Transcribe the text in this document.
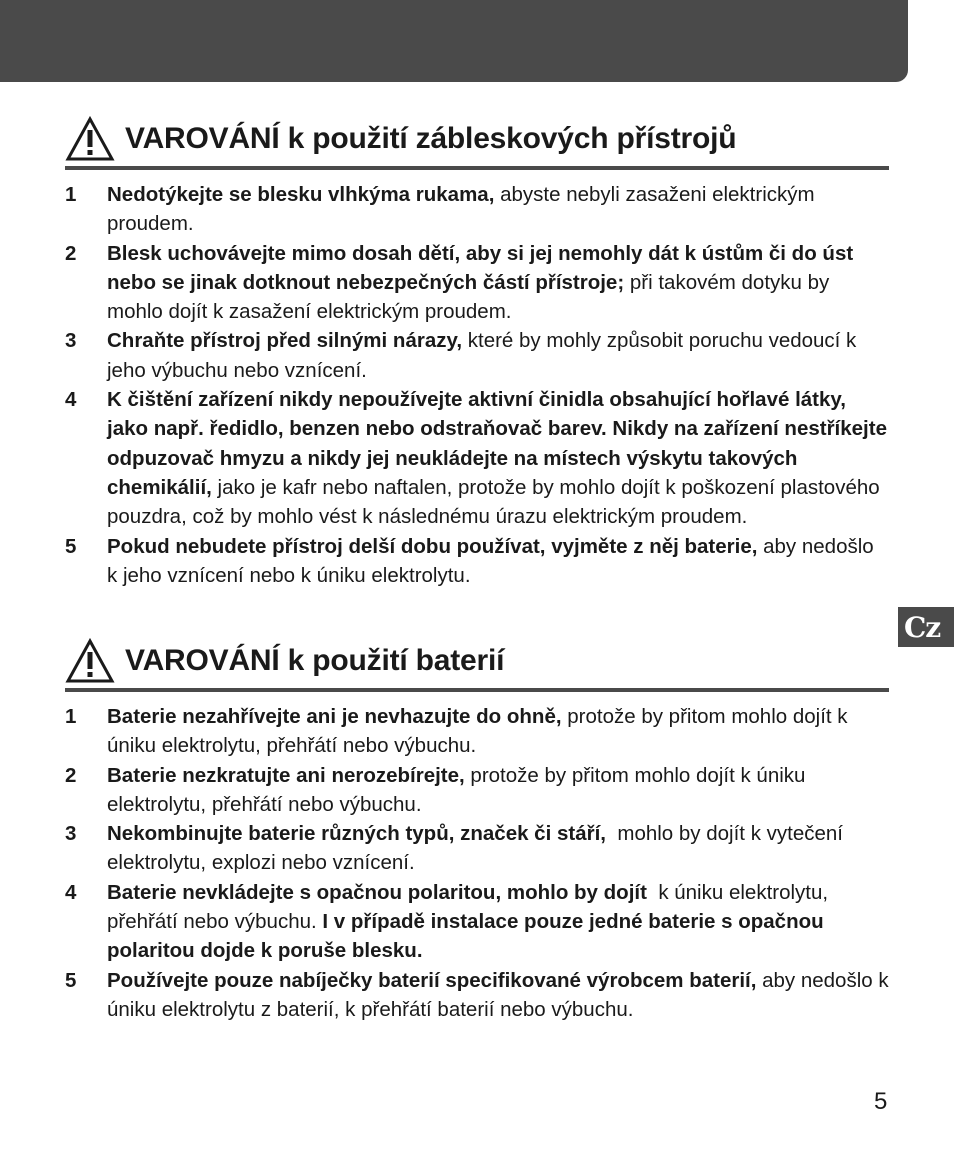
VAROVÁNÍ k použití zábleskových přístrojů
1	Nedotýkejte se blesku vlhkýma rukama, abyste nebyli zasaženi elektrickým proudem.
2	Blesk uchovávejte mimo dosah dětí, aby si jej nemohly dát k ústům či do úst nebo se jinak dotknout nebezpečných částí přístroje; při takovém dotyku by mohlo dojít k zasažení elektrickým proudem.
3	Chraňte přístroj před silnými nárazy, které by mohly způsobit poruchu vedoucí k jeho výbuchu nebo vznícení.
4	K čištění zařízení nikdy nepoužívejte aktivní činidla obsahující hořlavé látky, jako např. ředidlo, benzen nebo odstraňovač barev. Nikdy na zařízení nestříkejte odpuzovač hmyzu a nikdy jej neukládejte na místech výskytu takových chemikálií, jako je kafr nebo naftalen, protože by mohlo dojít k poškození plastového pouzdra, což by mohlo vést k následnému úrazu elektrickým proudem.
5	Pokud nebudete přístroj delší dobu používat, vyjměte z něj baterie, aby nedošlo k jeho vznícení nebo k úniku elektrolytu.
VAROVÁNÍ k použití baterií
1	Baterie nezahřívejte ani je nevhazujte do ohně, protože by přitom mohlo dojít k úniku elektrolytu, přehřátí nebo výbuchu.
2	Baterie nezkratujte ani nerozebírejte, protože by přitom mohlo dojít k úniku elektrolytu, přehřátí nebo výbuchu.
3	Nekombinujte baterie různých typů, značek či stáří,  mohlo by dojít k vytečení elektrolytu, explozi nebo vznícení.
4	Baterie nevkládejte s opačnou polaritou, mohlo by dojít  k úniku elektrolytu, přehřátí nebo výbuchu. I v případě instalace pouze jedné baterie s opačnou polaritou dojde k poruše blesku.
5	Používejte pouze nabíječky baterií specifikované výrobcem baterií, aby nedošlo k úniku elektrolytu z baterií, k přehřátí baterií nebo výbuchu.
Cz
5
